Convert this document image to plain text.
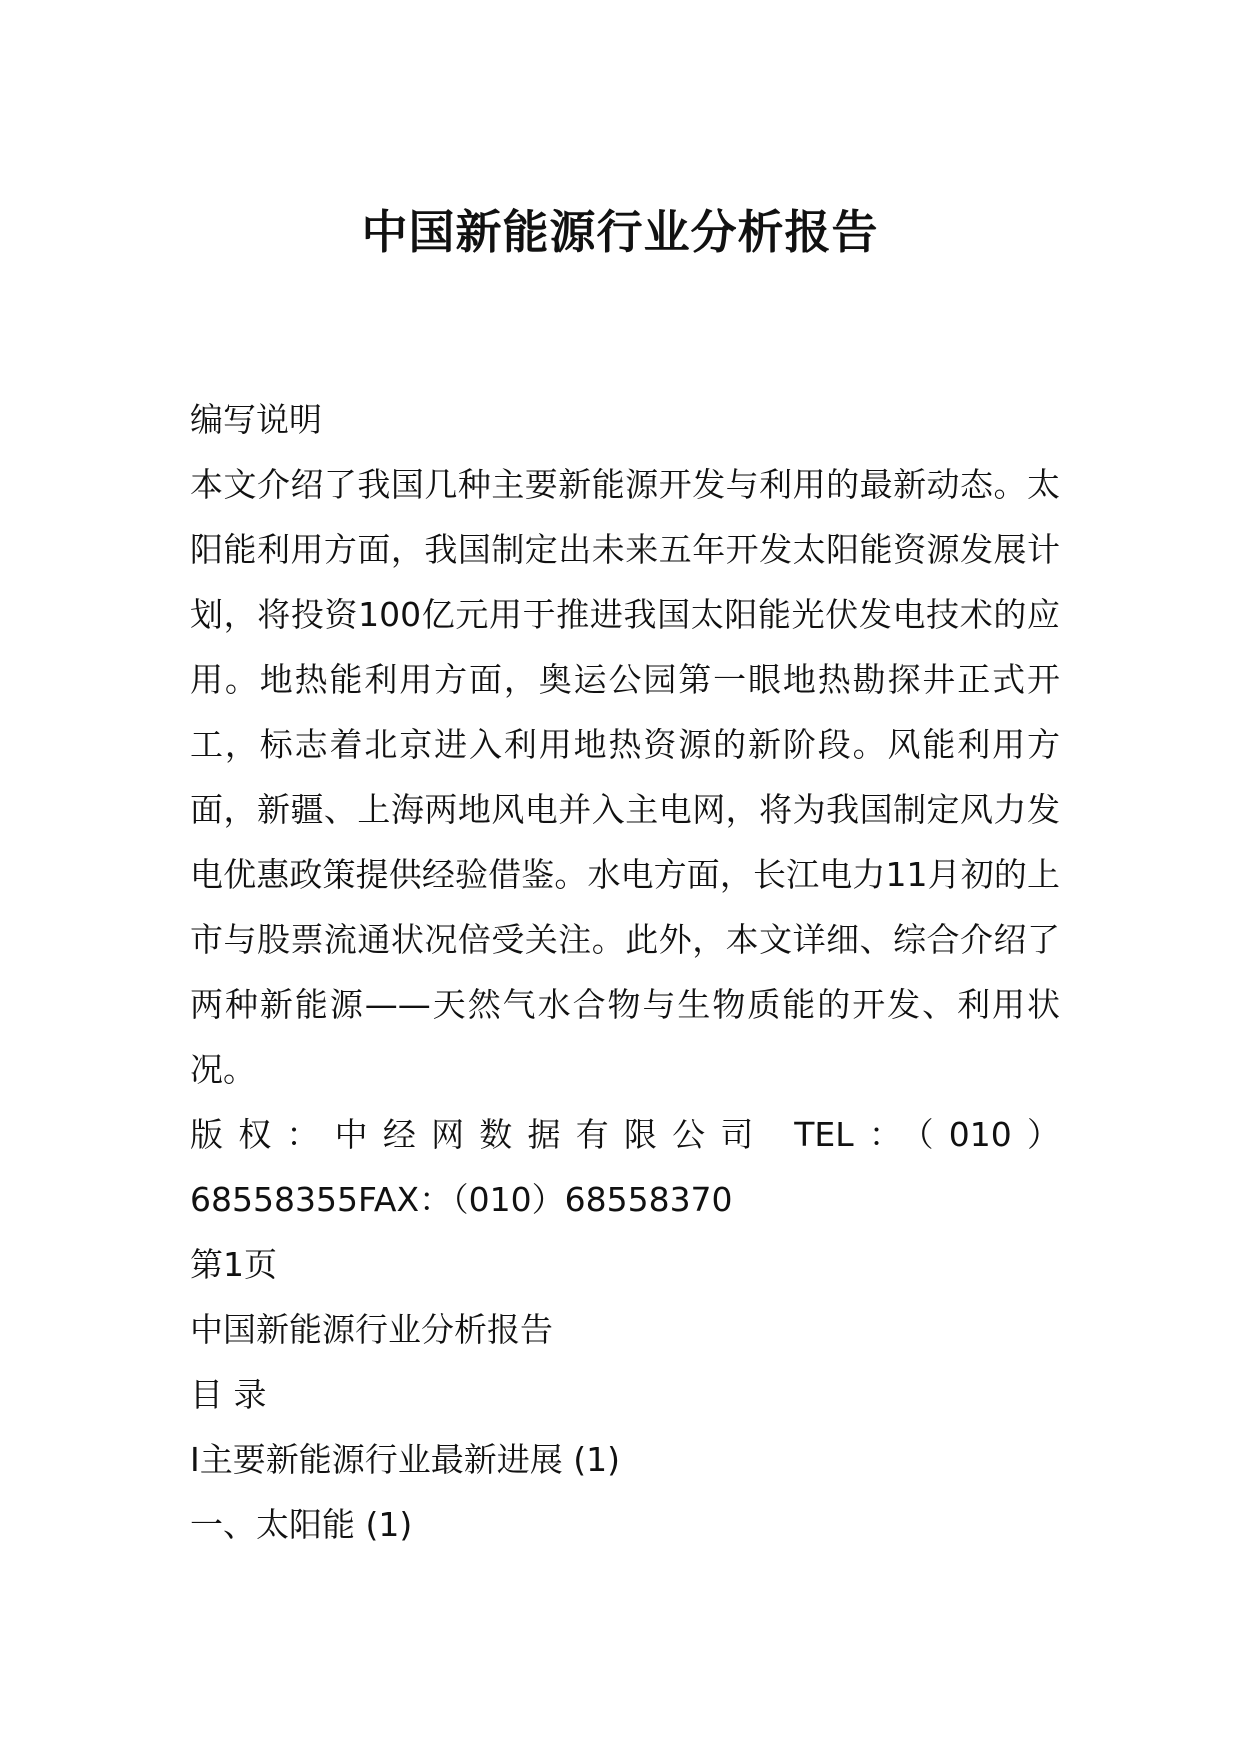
中国新能源行业分析报告

编写说明

本文介绍了我国几种主要新能源开发与利用的最新动态。太阳能利用方面，我国制定出未来五年开发太阳能资源发展计划，将投资100亿元用于推进我国太阳能光伏发电技术的应用。地热能利用方面，奥运公园第一眼地热勘探井正式开工，标志着北京进入利用地热资源的新阶段。风能利用方面，新疆、上海两地风电并入主电网，将为我国制定风力发电优惠政策提供经验借鉴。水电方面，长江电力11月初的上市与股票流通状况倍受关注。此外，本文详细、综合介绍了两种新能源——天然气水合物与生物质能的开发、利用状况。

版权：中经网数据有限公司 TEL：（010）68558355FAX：（010）68558370

第1页

中国新能源行业分析报告

目 录

I主要新能源行业最新进展 (1)

一、太阳能 (1)
